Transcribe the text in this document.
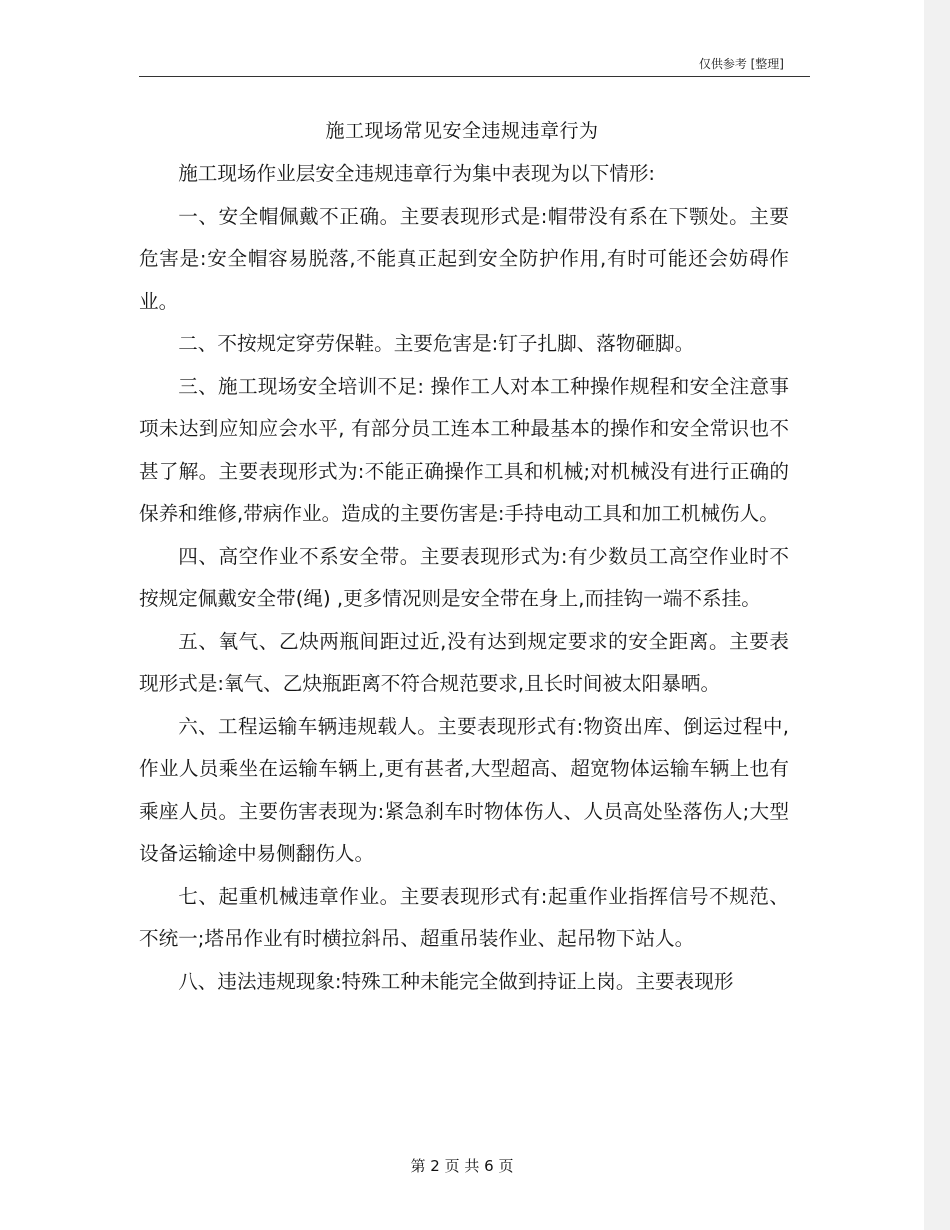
仅供参考 [整理]
施工现场常见安全违规违章行为

施工现场作业层安全违规违章行为集中表现为以下情形:

一、安全帽佩戴不正确。主要表现形式是:帽带没有系在下颚处。主要危害是:安全帽容易脱落,不能真正起到安全防护作用,有时可能还会妨碍作业。

二、不按规定穿劳保鞋。主要危害是:钉子扎脚、落物砸脚。

三、施工现场安全培训不足: 操作工人对本工种操作规程和安全注意事项未达到应知应会水平, 有部分员工连本工种最基本的操作和安全常识也不甚了解。主要表现形式为:不能正确操作工具和机械;对机械没有进行正确的保养和维修,带病作业。造成的主要伤害是:手持电动工具和加工机械伤人。

四、高空作业不系安全带。主要表现形式为:有少数员工高空作业时不按规定佩戴安全带(绳) ,更多情况则是安全带在身上,而挂钩一端不系挂。

五、氧气、乙炔两瓶间距过近,没有达到规定要求的安全距离。主要表现形式是:氧气、乙炔瓶距离不符合规范要求,且长时间被太阳暴晒。

六、工程运输车辆违规载人。主要表现形式有:物资出库、倒运过程中,作业人员乘坐在运输车辆上,更有甚者,大型超高、超宽物体运输车辆上也有乘座人员。主要伤害表现为:紧急刹车时物体伤人、人员高处坠落伤人;大型设备运输途中易侧翻伤人。

七、起重机械违章作业。主要表现形式有:起重作业指挥信号不规范、不统一;塔吊作业有时横拉斜吊、超重吊装作业、起吊物下站人。

八、违法违规现象:特殊工种未能完全做到持证上岗。主要表现形

第 2 页 共 6 页
